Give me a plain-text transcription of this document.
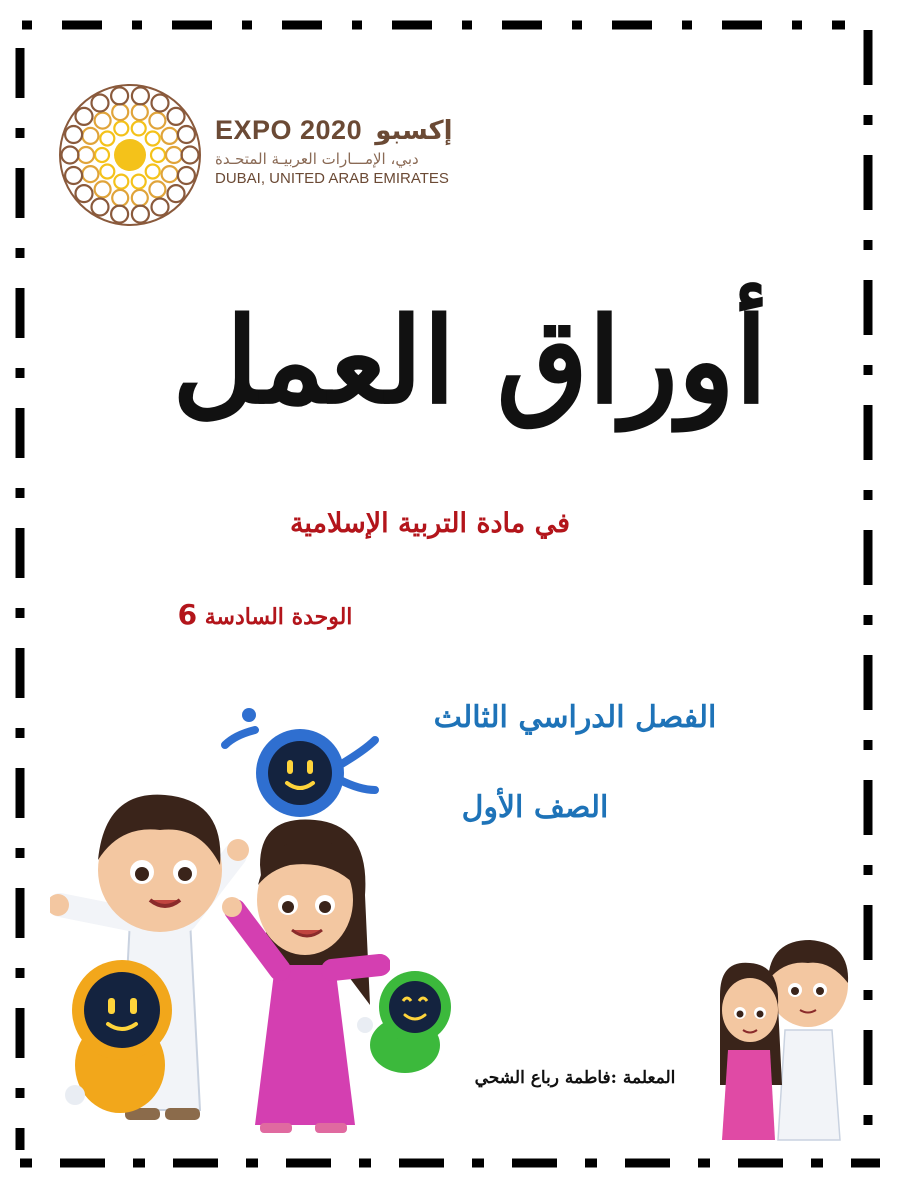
EXPO 2020 إكسبو
دبي، الإمـــارات العربيـة المتحـدة
DUBAI, UNITED ARAB EMIRATES
أوراق العمل
في مادة التربية الإسلامية
الوحدة السادسة 6
الفصل الدراسي الثالث
الصف الأول
المعلمة :فاطمة رباع الشحي
